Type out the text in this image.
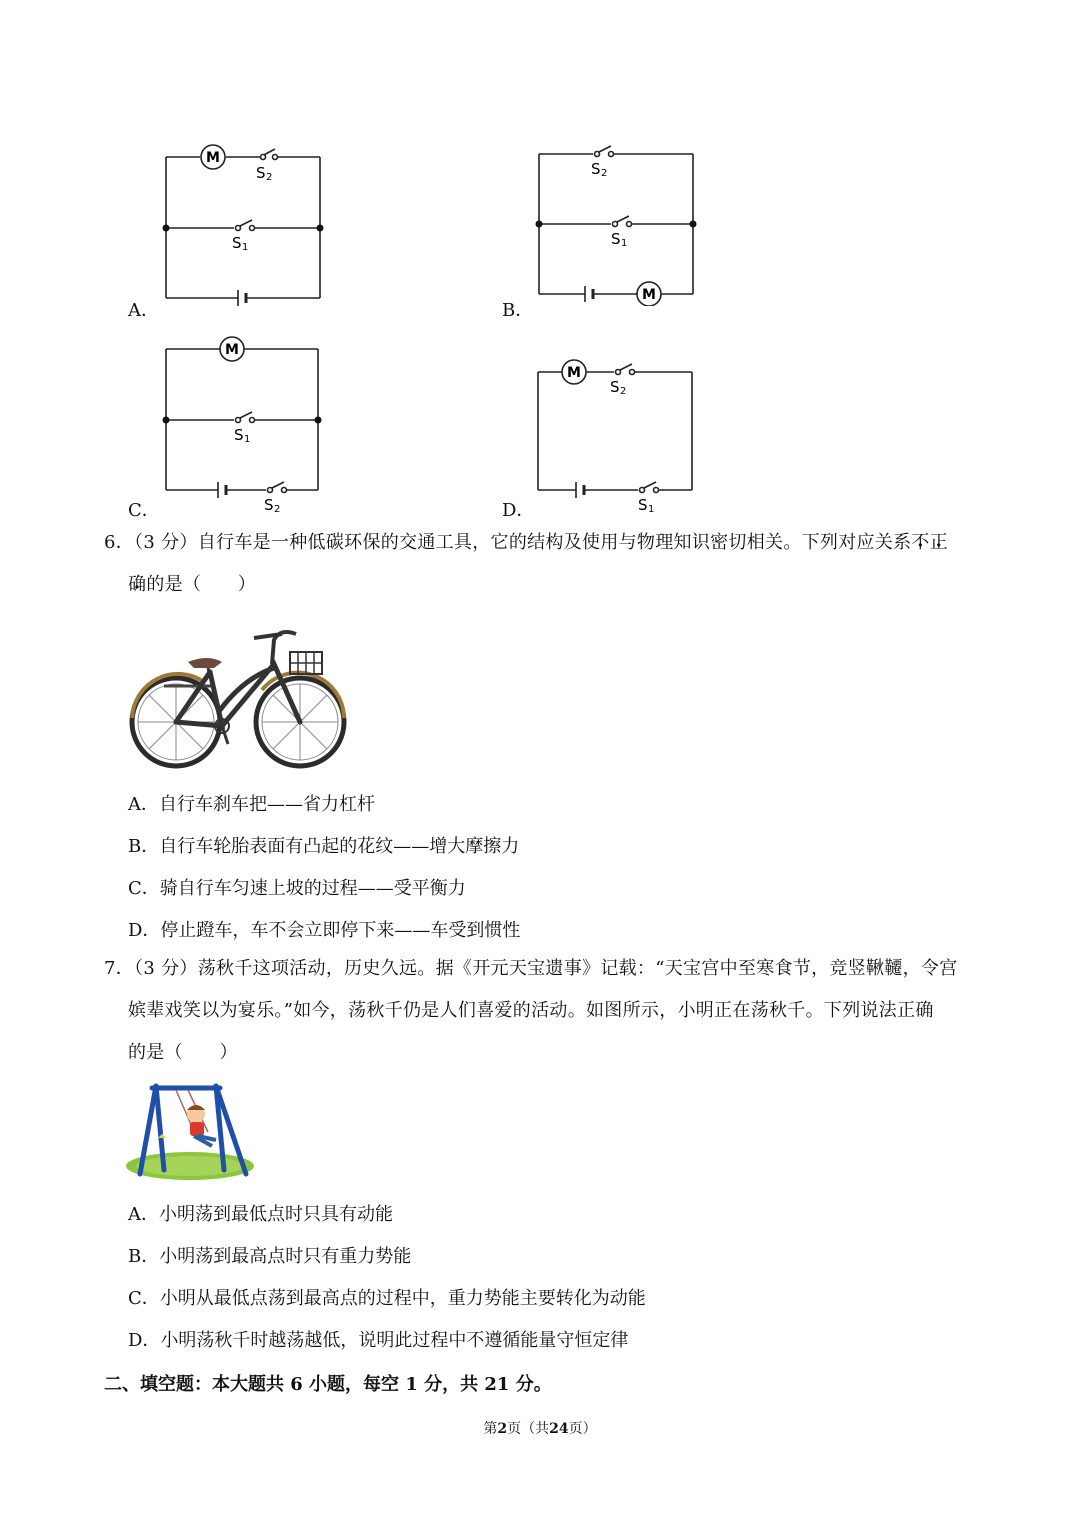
M
S 2
S 1
A．
M
S 2
S 1
B．
M
S 1
S 2
C．
M
S 2
S 1
D．
6．（3 分）自行车是一种低碳环保的交通工具，它的结构及使用与物理知识密切相关。下列对应关系不 ·正 ·
确 ·的是（　　）
A．自行车刹车把——省力杠杆
B．自行车轮胎表面有凸起的花纹——增大摩擦力
C．骑自行车匀速上坡的过程——受平衡力
D．停止蹬车，车不会立即停下来——车受到惯性
7．（3 分）荡秋千这项活动，历史久远。据《开元天宝遗事》记载：“天宝宫中至寒食节，竞竖鞦韆，令宫
嫔辈戏笑以为宴乐。”如今，荡秋千仍是人们喜爱的活动。如图所示，小明正在荡秋千。下列说法正确
的是（　　）
A．小明荡到最低点时只具有动能
B．小明荡到最高点时只有重力势能
C．小明从最低点荡到最高点的过程中，重力势能主要转化为动能
D．小明荡秋千时越荡越低，说明此过程中不遵循能量守恒定律
二、填空题：本大题共 6 小题，每空 1 分，共 21 分。
第2页（共24页）
